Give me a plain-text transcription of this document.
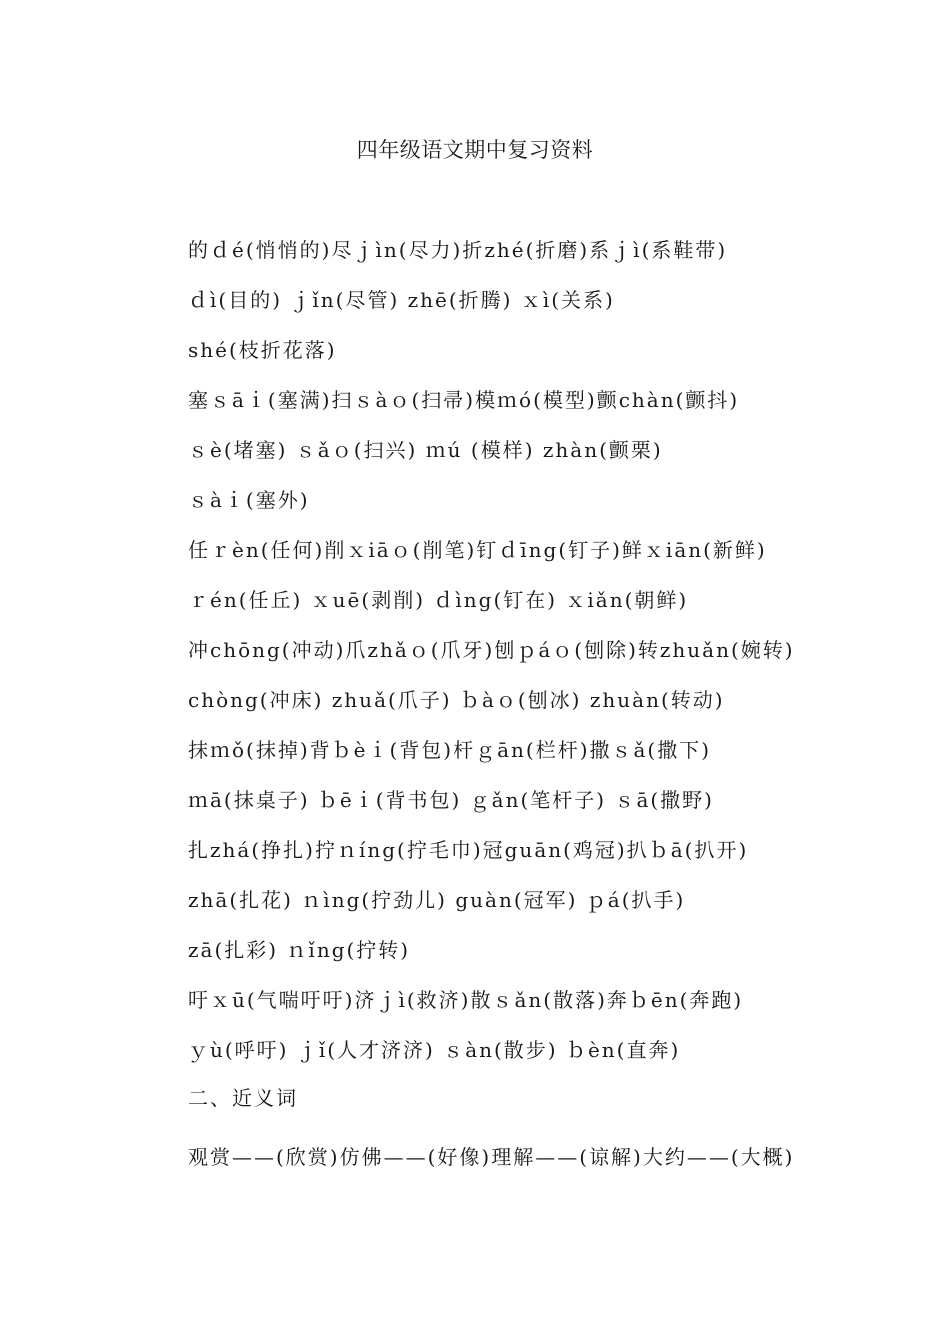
四年级语文期中复习资料
的ｄé(悄悄的)尽ｊìn(尽力)折zhé(折磨)系ｊì(系鞋带)
ｄì(目的) ｊǐn(尽管) zhē(折腾) ｘì(关系)
shé(枝折花落)
塞ｓāｉ(塞满)扫ｓàｏ(扫帚)模ｍó(模型)颤chàn(颤抖)
ｓè(堵塞) ｓǎｏ(扫兴) ｍú (模样) zhàn(颤栗)
ｓàｉ(塞外)
任ｒèn(任何)削ｘiāｏ(削笔)钉ｄīng(钉子)鲜ｘiān(新鲜)
ｒén(任丘) ｘuē(剥削) ｄìng(钉在) ｘiǎn(朝鲜)
冲chōng(冲动)爪zhǎｏ(爪牙)刨ｐáｏ(刨除)转zhuǎn(婉转)
chòng(冲床) zhuǎ(爪子) ｂàｏ(刨冰) zhuàn(转动)
抹ｍǒ(抹掉)背ｂèｉ(背包)杆ｇān(栏杆)撒ｓǎ(撒下)
ｍā(抹桌子) ｂēｉ(背书包) ｇǎn(笔杆子) ｓā(撒野)
扎zhá(挣扎)拧ｎíng(拧毛巾)冠guān(鸡冠)扒ｂā(扒开)
zhā(扎花) ｎìng(拧劲儿) guàn(冠军) ｐá(扒手)
zā(扎彩) ｎǐng(拧转)
吁ｘū(气喘吁吁)济ｊì(救济)散ｓǎn(散落)奔ｂēn(奔跑)
ｙù(呼吁) ｊǐ(人才济济) ｓàn(散步) ｂèn(直奔)
二、近义词
观赏——(欣赏)仿佛——(好像)理解——(谅解)大约——(大概)
